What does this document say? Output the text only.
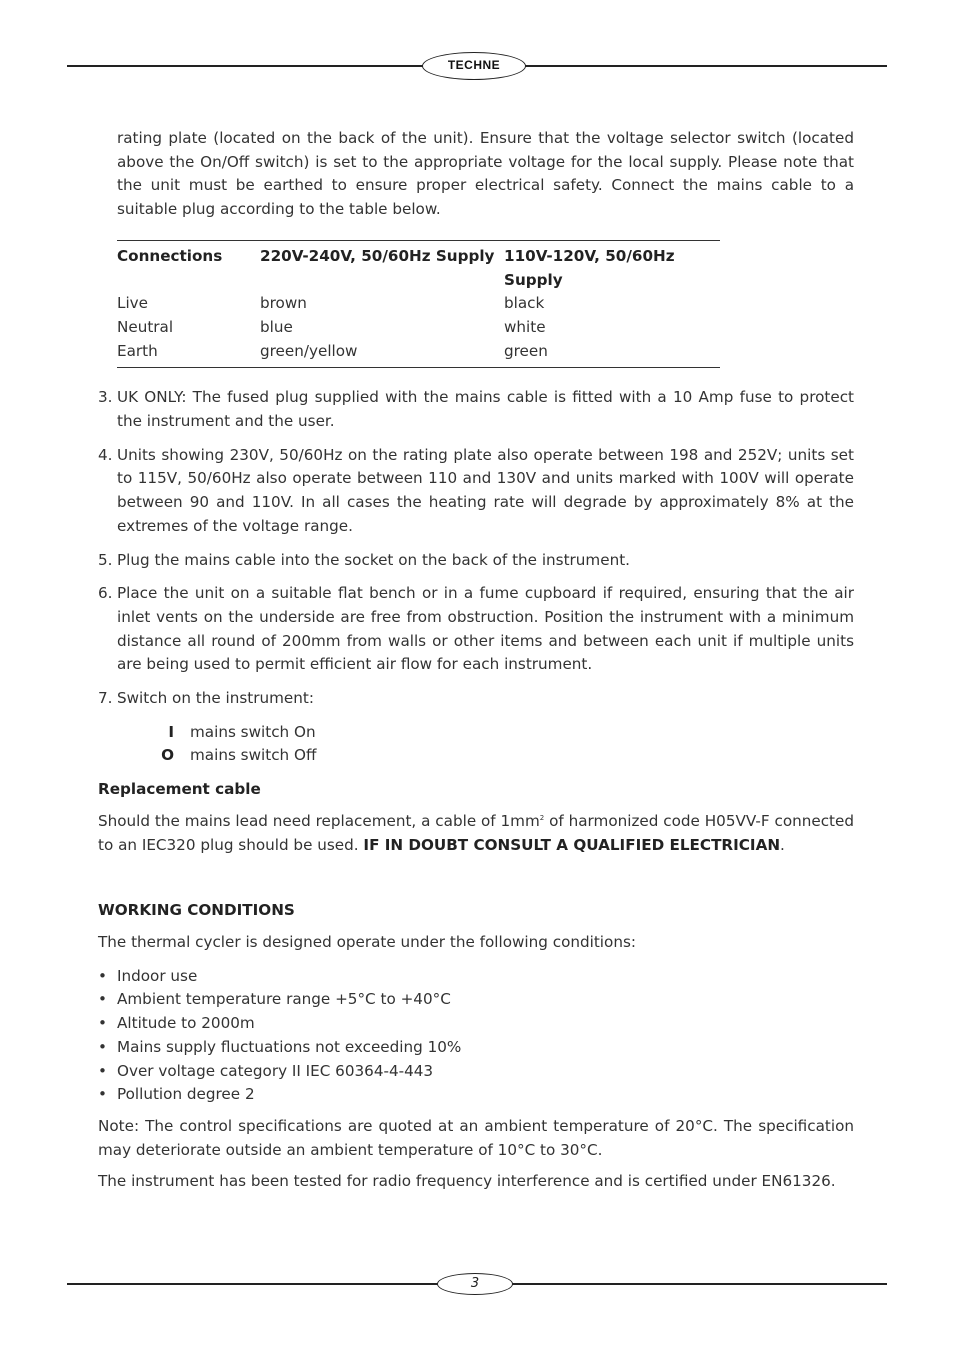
TECHNE

rating plate (located on the back of the unit). Ensure that the voltage selector switch (located above the On/Off switch) is set to the appropriate voltage for the local supply. Please note that the unit must be earthed to ensure proper electrical safety. Connect the mains cable to a suitable plug according to the table below.

Connections	220V-240V, 50/60Hz Supply	110V-120V, 50/60Hz Supply
Live	brown	black
Neutral	blue	white
Earth	green/yellow	green
3. UK ONLY: The fused plug supplied with the mains cable is fitted with a 10 Amp fuse to protect the instrument and the user.
4. Units showing 230V, 50/60Hz on the rating plate also operate between 198 and 252V; units set to 115V, 50/60Hz also operate between 110 and 130V and units marked with 100V will operate between 90 and 110V. In all cases the heating rate will degrade by approximately 8% at the extremes of the voltage range.
5. Plug the mains cable into the socket on the back of the instrument.
6. Place the unit on a suitable flat bench or in a fume cupboard if required, ensuring that the air inlet vents on the underside are free from obstruction. Position the instrument with a minimum distance all round of 200mm from walls or other items and between each unit if multiple units are being used to permit efficient air flow for each instrument.
7. Switch on the instrument:
I mains switch On
O mains switch Off
Replacement cable

Should the mains lead need replacement, a cable of $1mm^2$ of harmonized code H05VV-F connected to an IEC320 plug should be used. IF IN DOUBT CONSULT A QUALIFIED ELECTRICIAN.

WORKING CONDITIONS

The thermal cycler is designed operate under the following conditions:

• Indoor use
• Ambient temperature range +5°C to +40°C
• Altitude to 2000m
• Mains supply fluctuations not exceeding 10%
• Over voltage category II IEC 60364-4-443
• Pollution degree 2

Note: The control specifications are quoted at an ambient temperature of 20°C. The specification may deteriorate outside an ambient temperature of 10°C to 30°C.

The instrument has been tested for radio frequency interference and is certified under EN61326.

3
